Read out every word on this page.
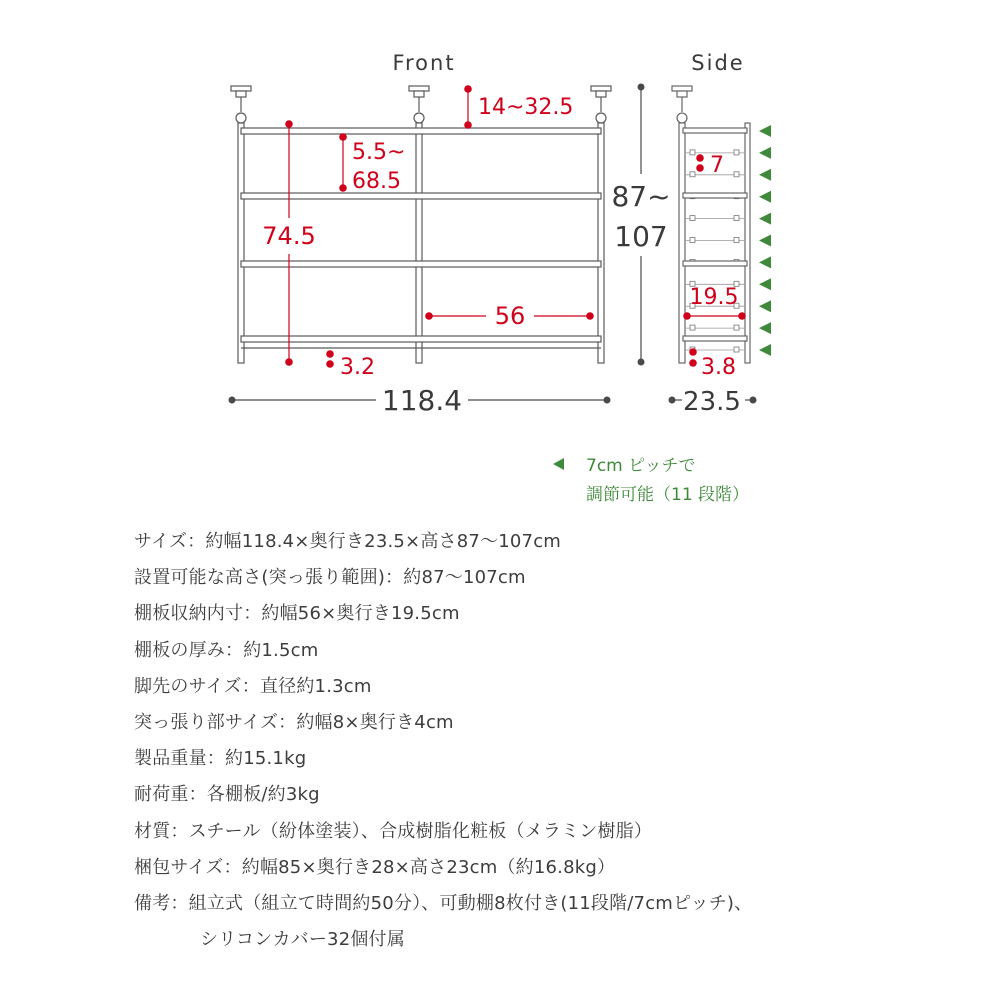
Front	Side
14~32.5
5.5~
68.5
74.5
56
3.2
118.4
87~
107
7
19.5
3.8
23.5
7cm ピッチで
調節可能（11 段階）
サイズ：約幅118.4×奥行き23.5×高さ87〜107cm
設置可能な高さ(突っ張り範囲)：約87〜107cm
棚板収納内寸：約幅56×奥行き19.5cm
棚板の厚み：約1.5cm
脚先のサイズ：直径約1.3cm
突っ張り部サイズ：約幅8×奥行き4cm
製品重量：約15.1kg
耐荷重：各棚板/約3kg
材質：スチール（紛体塗装）、合成樹脂化粧板（メラミン樹脂）
梱包サイズ：約幅85×奥行き28×高さ23cm（約16.8kg）
備考：組立式（組立て時間約50分）、可動棚8枚付き(11段階/7cmピッチ)、
シリコンカバー32個付属
